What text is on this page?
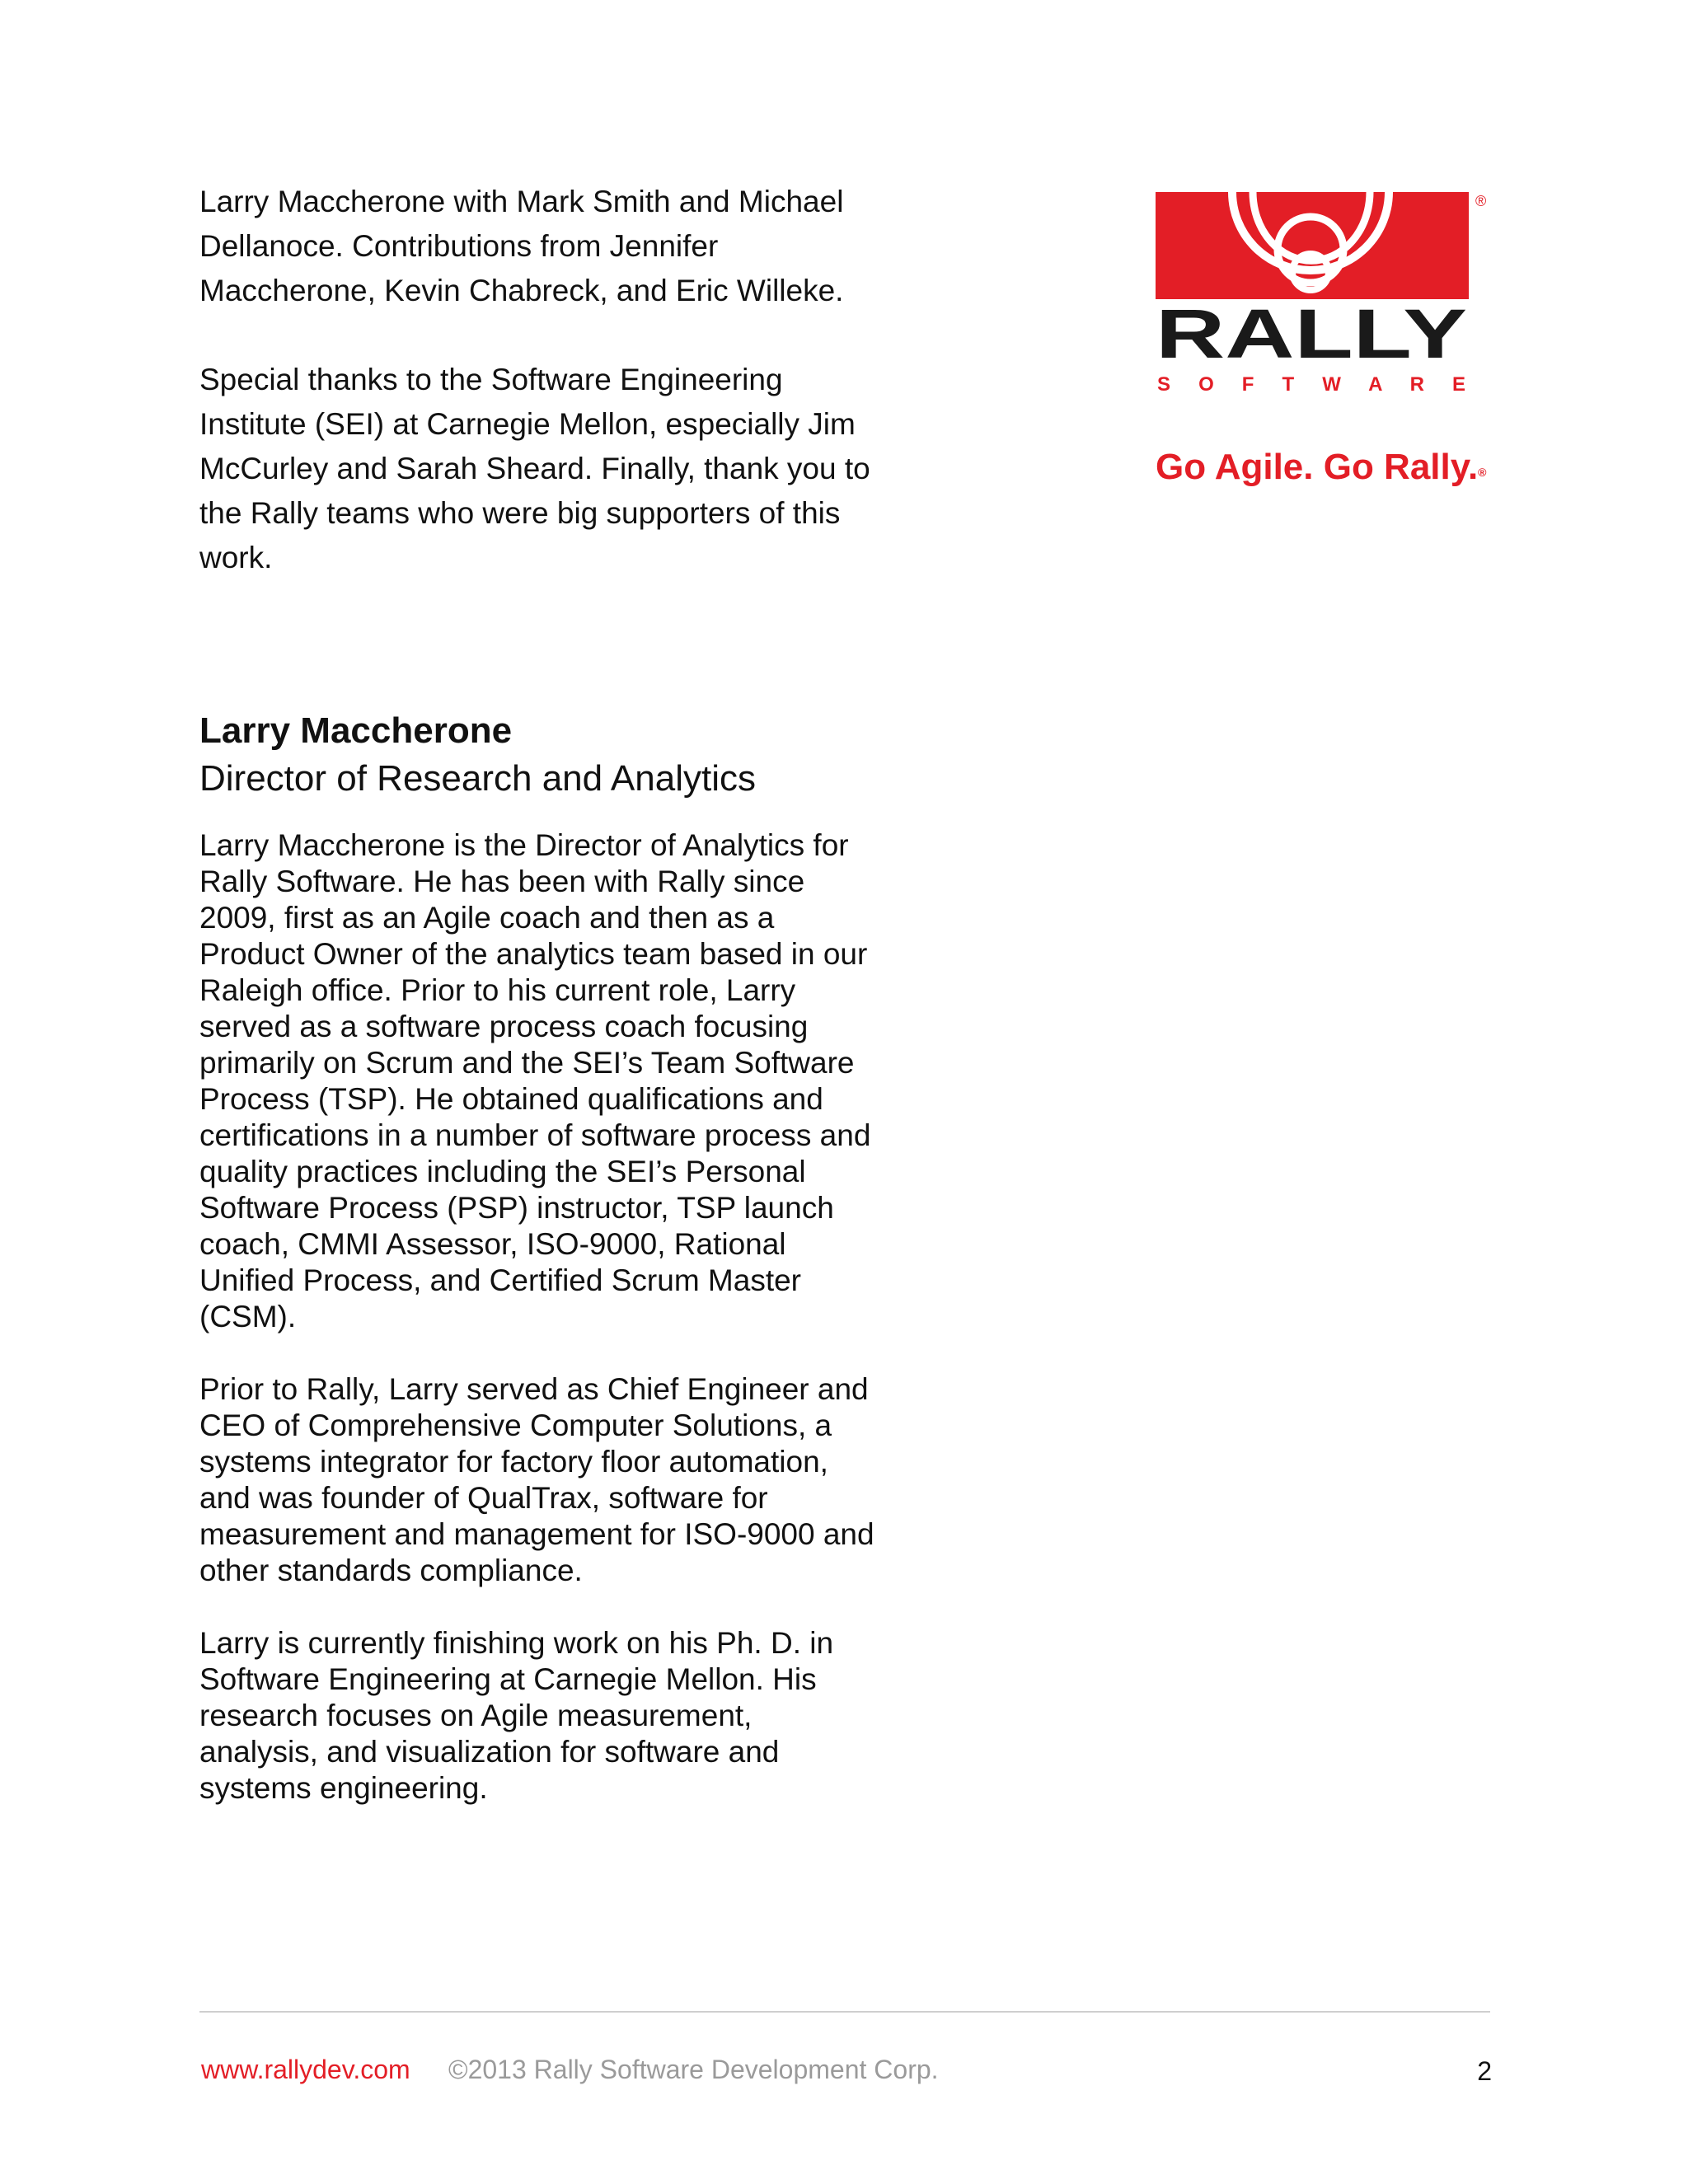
Larry Maccherone with Mark Smith and Michael Dellanoce. Contributions from Jennifer Maccherone, Kevin Chabreck, and Eric Willeke.

Special thanks to the Software Engineering Institute (SEI) at Carnegie Mellon, especially Jim McCurley and Sarah Sheard. Finally, thank you to the Rally teams who were big supporters of this work.

RALLY
S O F T W A R E
®
Go Agile. Go Rally.®
Larry Maccherone
Director of Research and Analytics

Larry Maccherone is the Director of Analytics for Rally Software. He has been with Rally since 2009, first as an Agile coach and then as a Product Owner of the analytics team based in our Raleigh office. Prior to his current role, Larry served as a software process coach focusing primarily on Scrum and the SEI’s Team Software Process (TSP). He obtained qualifications and certifications in a number of software process and quality practices including the SEI’s Personal Software Process (PSP) instructor, TSP launch coach, CMMI Assessor, ISO-9000, Rational Unified Process, and Certified Scrum Master (CSM).

Prior to Rally, Larry served as Chief Engineer and CEO of Comprehensive Computer Solutions, a systems integrator for factory floor automation, and was founder of QualTrax, software for measurement and management for ISO-9000 and other standards compliance.

Larry is currently finishing work on his Ph. D. in Software Engineering at Carnegie Mellon. His research focuses on Agile measurement, analysis, and visualization for software and systems engineering.

www.rallydev.com ©2013 Rally Software Development Corp.	2
